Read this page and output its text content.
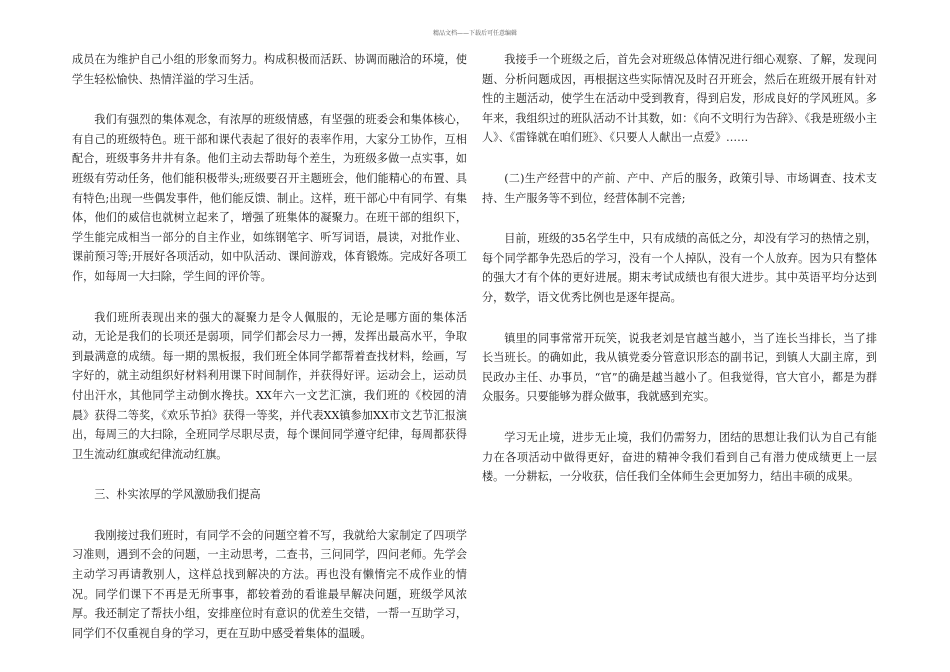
精品文档——下载后可任意编辑

成员在为维护自己小组的形象而努力。构成积极而活跃、协调而融洽的环境，使学生轻松愉快、热情洋溢的学习生活。

我们有强烈的集体观念，有浓厚的班级情感，有坚强的班委会和集体核心，有自己的班级特色。班干部和课代表起了很好的表率作用，大家分工协作，互相配合，班级事务井井有条。他们主动去帮助每个差生，为班级多做一点实事，如班级有劳动任务，他们能积极带头;班级要召开主题班会，他们能精心的布置、具有特色;出现一些偶发事件，他们能反馈、制止。这样，班干部心中有同学、有集体，他们的威信也就树立起来了，增强了班集体的凝聚力。在班干部的组织下，学生能完成相当一部分的自主作业，如练钢笔字、听写词语，晨读，对批作业、课前预习等;开展好各项活动，如中队活动、课间游戏，体育锻炼。完成好各项工作，如每周一大扫除，学生间的评价等。

我们班所表现出来的强大的凝聚力是令人佩服的，无论是哪方面的集体活动，无论是我们的长项还是弱项，同学们都会尽力一搏，发挥出最高水平，争取到最满意的成绩。每一期的黑板报，我们班全体同学都帮着查找材料，绘画，写字好的，就主动组织好材料利用课下时间制作，并获得好评。运动会上，运动员付出汗水，其他同学主动倒水搀扶。XX年六一文艺汇演，我们班的《校园的清晨》获得二等奖，《欢乐节拍》获得一等奖，并代表XX镇参加XX市文艺节汇报演出，每周三的大扫除，全班同学尽职尽责，每个课间同学遵守纪律，每周都获得卫生流动红旗或纪律流动红旗。

三、朴实浓厚的学风激励我们提高

我刚接过我们班时，有同学不会的问题空着不写，我就给大家制定了四项学习准则，遇到不会的问题，一主动思考，二查书，三问同学，四问老师。先学会主动学习再请教别人，这样总找到解决的方法。再也没有懒惰完不成作业的情况。同学们课下不再是无所事事，都较着劲的看谁最早解决问题，班级学风浓厚。我还制定了帮扶小组，安排座位时有意识的优差生交错，一帮一互助学习，同学们不仅重视自身的学习，更在互助中感受着集体的温暖。

我接手一个班级之后，首先会对班级总体情况进行细心观察、了解，发现问题、分析问题成因，再根据这些实际情况及时召开班会，然后在班级开展有针对性的主题活动，使学生在活动中受到教育，得到启发，形成良好的学风班风。多年来，我组织过的班队活动不计其数，如：《向不文明行为告辞》、《我是班级小主人》、《雷锋就在咱们班》、《只要人人献出一点爱》……

(二)生产经营中的产前、产中、产后的服务，政策引导、市场调查、技术支持、生产服务等不到位，经营体制不完善;

目前，班级的35名学生中，只有成绩的高低之分，却没有学习的热情之别，每个同学都争先恐后的学习，没有一个人掉队，没有一个人放弃。因为只有整体的强大才有个体的更好进展。期末考试成绩也有很大进步。其中英语平均分达到分，数学，语文优秀比例也是逐年提高。

镇里的同事常常开玩笑，说我老刘是官越当越小，当了连长当排长，当了排长当班长。的确如此，我从镇党委分管意识形态的副书记，到镇人大副主席，到民政办主任、办事员，“官”的确是越当越小了。但我觉得，官大官小，都是为群众服务。只要能够为群众做事，我就感到充实。

学习无止境，进步无止境，我们仍需努力，团结的思想让我们认为自己有能力在各项活动中做得更好，奋进的精神令我们看到自己有潜力使成绩更上一层楼。一分耕耘，一分收获，信任我们全体师生会更加努力，结出丰硕的成果。
